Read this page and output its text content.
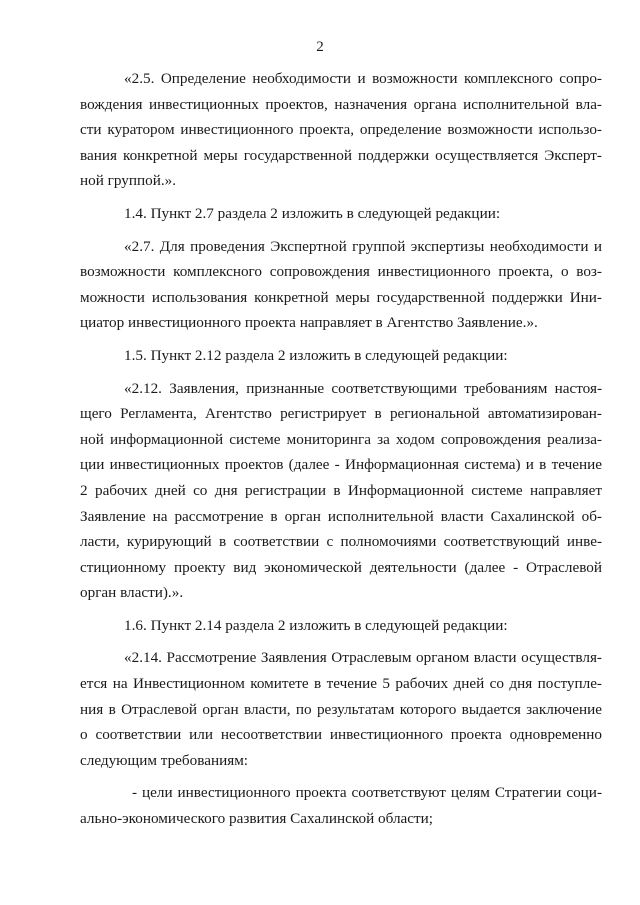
2
«2.5. Определение необходимости и возможности комплексного сопро-
вождения инвестиционных проектов, назначения органа исполнительной вла-
сти куратором инвестиционного проекта, определение возможности использо-
вания конкретной меры государственной поддержки осуществляется Эксперт-
ной группой.».
1.4. Пункт 2.7 раздела 2 изложить в следующей редакции:
«2.7. Для проведения Экспертной группой экспертизы необходимости и
возможности комплексного сопровождения инвестиционного проекта, о воз-
можности использования конкретной меры государственной поддержки Ини-
циатор инвестиционного проекта направляет в Агентство Заявление.».
1.5. Пункт 2.12 раздела 2 изложить в следующей редакции:
«2.12. Заявления, признанные соответствующими требованиям настоя-
щего Регламента, Агентство регистрирует в региональной автоматизирован-
ной информационной системе мониторинга за ходом сопровождения реализа-
ции инвестиционных проектов (далее - Информационная система) и в течение
2 рабочих дней со дня регистрации в Информационной системе направляет
Заявление на рассмотрение в орган исполнительной власти Сахалинской об-
ласти, курирующий в соответствии с полномочиями соответствующий инве-
стиционному проекту вид экономической деятельности (далее - Отраслевой
орган власти).».
1.6. Пункт 2.14 раздела 2 изложить в следующей редакции:
«2.14. Рассмотрение Заявления Отраслевым органом власти осуществля-
ется на Инвестиционном комитете в течение 5 рабочих дней со дня поступле-
ния в Отраслевой орган власти, по результатам которого выдается заключение
о соответствии или несоответствии инвестиционного проекта одновременно
следующим требованиям:
- цели инвестиционного проекта соответствуют целям Стратегии соци-
ально-экономического развития Сахалинской области;
